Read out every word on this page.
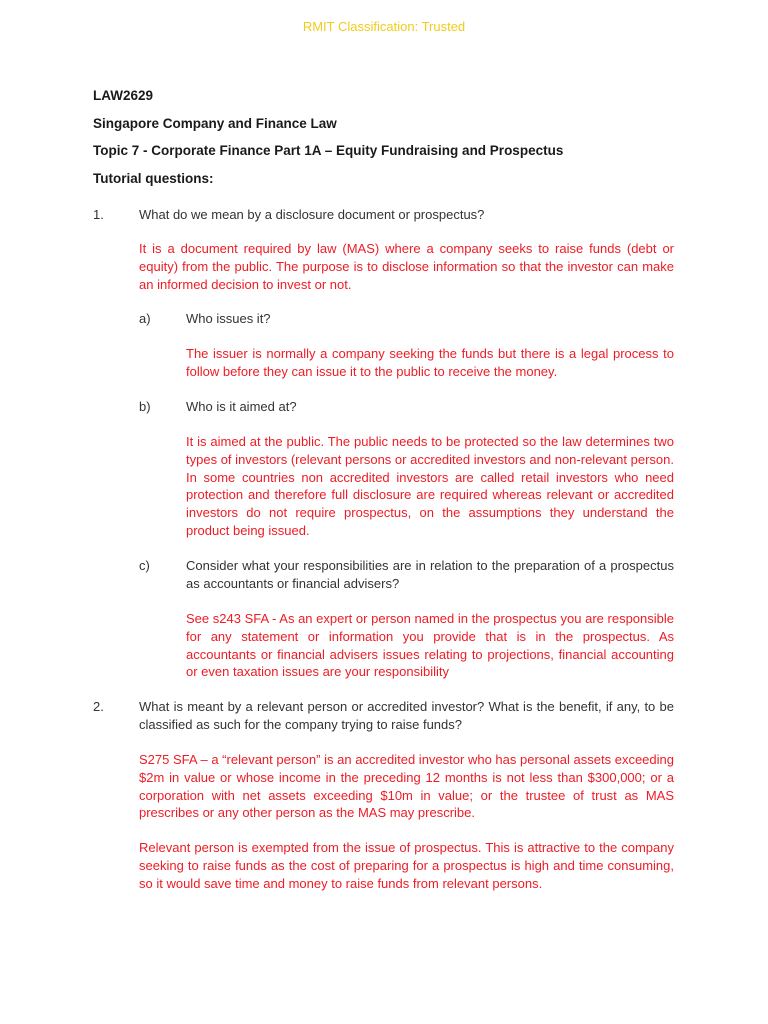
RMIT Classification: Trusted
LAW2629
Singapore Company and Finance Law
Topic 7 - Corporate Finance Part 1A – Equity Fundraising and Prospectus
Tutorial questions:
1.	What do we mean by a disclosure document or prospectus?
It is a document required by law (MAS) where a company seeks to raise funds (debt or equity) from the public. The purpose is to disclose information so that the investor can make an informed decision to invest or not.
a)	Who issues it?
The issuer is normally a company seeking the funds but there is a legal process to follow before they can issue it to the public to receive the money.
b)	Who is it aimed at?
It is aimed at the public. The public needs to be protected so the law determines two types of investors (relevant persons or accredited investors and non-relevant person. In some countries non accredited investors are called retail investors who need protection and therefore full disclosure are required whereas relevant or accredited investors do not require prospectus, on the assumptions they understand the product being issued.
c)	Consider what your responsibilities are in relation to the preparation of a prospectus as accountants or financial advisers?
See s243 SFA - As an expert or person named in the prospectus you are responsible for any statement or information you provide that is in the prospectus. As accountants or financial advisers issues relating to projections, financial accounting or even taxation issues are your responsibility
2.	What is meant by a relevant person or accredited investor? What is the benefit, if any, to be classified as such for the company trying to raise funds?
S275 SFA – a “relevant person” is an accredited investor who has personal assets exceeding $2m in value or whose income in the preceding 12 months is not less than $300,000; or a corporation with net assets exceeding $10m in value; or the trustee of trust as MAS prescribes or any other person as the MAS may prescribe.
Relevant person is exempted from the issue of prospectus. This is attractive to the company seeking to raise funds as the cost of preparing for a prospectus is high and time consuming, so it would save time and money to raise funds from relevant persons.
